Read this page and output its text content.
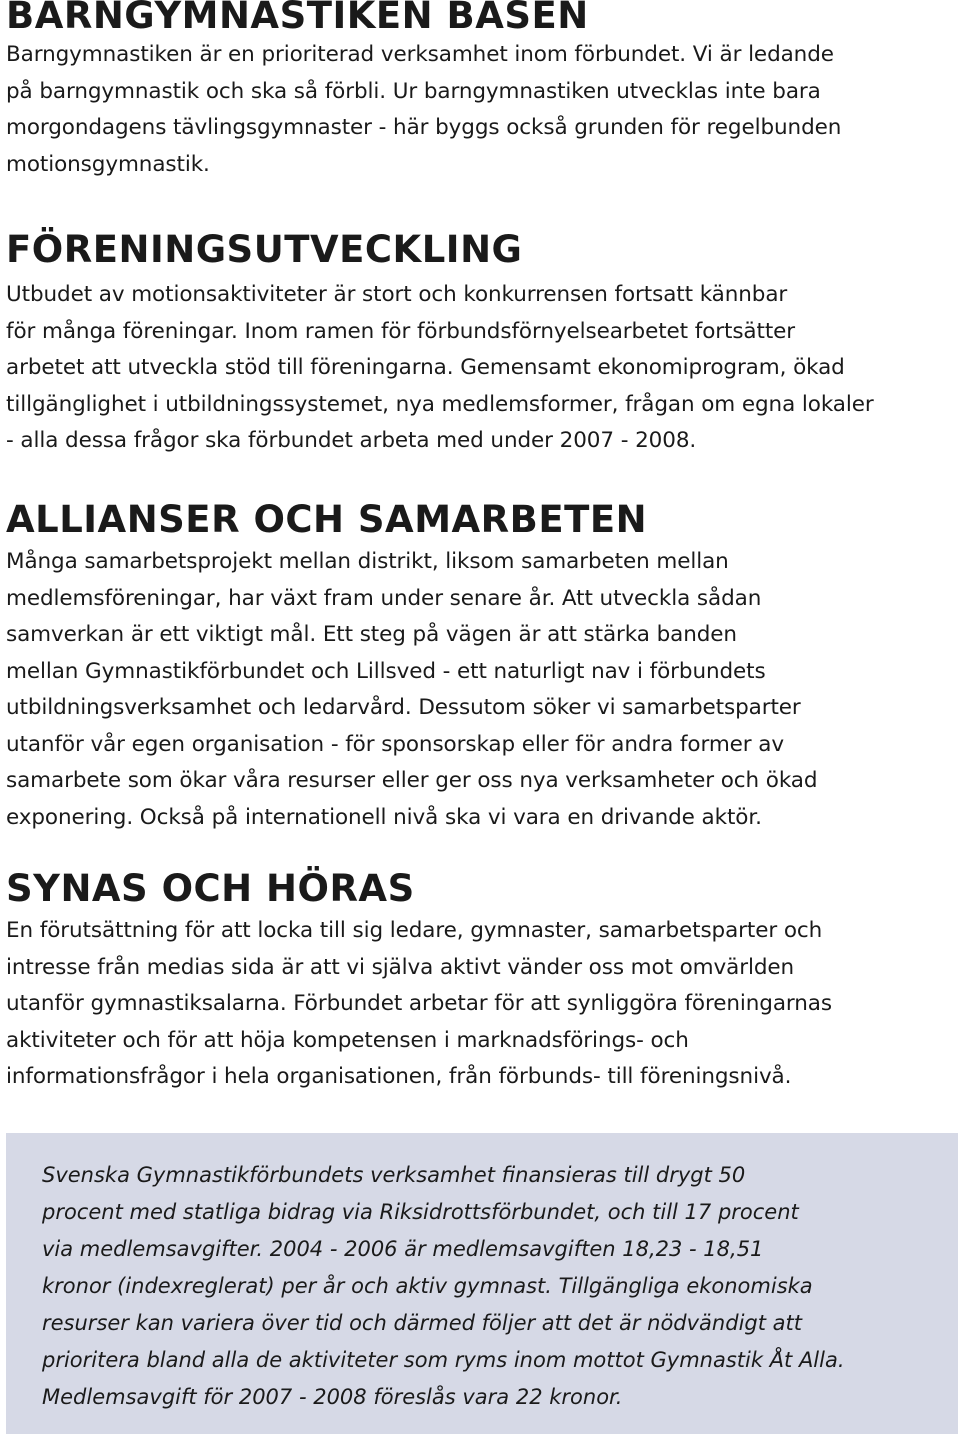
BARNGYMNASTIKEN BASEN

Barngymnastiken är en prioriterad verksamhet inom förbundet. Vi är ledande
på barngymnastik och ska så förbli. Ur barngymnastiken utvecklas inte bara
morgondagens tävlingsgymnaster - här byggs också grunden för regelbunden
motionsgymnastik.

FÖRENINGSUTVECKLING

Utbudet av motionsaktiviteter är stort och konkurrensen fortsatt kännbar
för många föreningar. Inom ramen för förbundsförnyelsearbetet fortsätter
arbetet att utveckla stöd till föreningarna. Gemensamt ekonomiprogram, ökad
tillgänglighet i utbildningssystemet, nya medlemsformer, frågan om egna lokaler
- alla dessa frågor ska förbundet arbeta med under 2007 - 2008.

ALLIANSER OCH SAMARBETEN

Många samarbetsprojekt mellan distrikt, liksom samarbeten mellan
medlemsföreningar, har växt fram under senare år. Att utveckla sådan
samverkan är ett viktigt mål. Ett steg på vägen är att stärka banden
mellan Gymnastikförbundet och Lillsved - ett naturligt nav i förbundets
utbildningsverksamhet och ledarvård. Dessutom söker vi samarbetsparter
utanför vår egen organisation - för sponsorskap eller för andra former av
samarbete som ökar våra resurser eller ger oss nya verksamheter och ökad
exponering. Också på internationell nivå ska vi vara en drivande aktör.

SYNAS OCH HÖRAS

En förutsättning för att locka till sig ledare, gymnaster, samarbetsparter och
intresse från medias sida är att vi själva aktivt vänder oss mot omvärlden
utanför gymnastiksalarna. Förbundet arbetar för att synliggöra föreningarnas
aktiviteter och för att höja kompetensen i marknadsförings- och
informationsfrågor i hela organisationen, från förbunds- till föreningsnivå.

Svenska Gymnastikförbundets verksamhet finansieras till drygt 50
procent med statliga bidrag via Riksidrottsförbundet, och till 17 procent
via medlemsavgifter. 2004 - 2006 är medlemsavgiften 18,23 - 18,51
kronor (indexreglerat) per år och aktiv gymnast. Tillgängliga ekonomiska
resurser kan variera över tid och därmed följer att det är nödvändigt att
prioritera bland alla de aktiviteter som ryms inom mottot Gymnastik Åt Alla.
Medlemsavgift för 2007 - 2008 föreslås vara 22 kronor.
